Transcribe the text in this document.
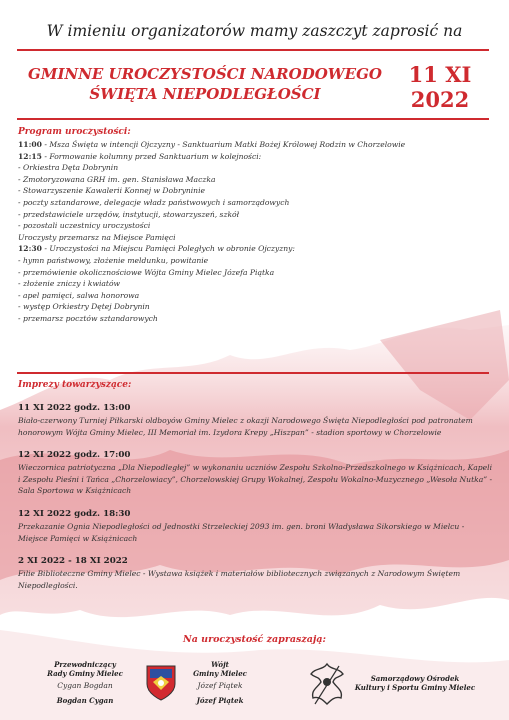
W imieniu organizatorów mamy zaszczyt zaprosić na
GMINNE UROCZYSTOŚCI NARODOWEGO
ŚWIĘTA NIEPODLEGŁOŚCI
11 XI
2022
Program uroczystości:
11:00 - Msza Święta w intencji Ojczyzny - Sanktuarium Matki Bożej Królowej Rodzin w Chorzelowie
12:15 - Formowanie kolumny przed Sanktuarium w kolejności:
- Orkiestra Dęta Dobrynin
- Zmotoryzowana GRH im. gen. Stanisława Maczka
- Stowarzyszenie Kawalerii Konnej w Dobryninie
- poczty sztandarowe, delegacje władz państwowych i samorządowych
- przedstawiciele urzędów, instytucji, stowarzyszeń, szkół
- pozostali uczestnicy uroczystości
Uroczysty przemarsz na Miejsce Pamięci
12:30 - Uroczystości na Miejscu Pamięci Poległych w obronie Ojczyzny:
- hymn państwowy, złożenie meldunku, powitanie
- przemówienie okolicznościowe Wójta Gminy Mielec Józefa Piątka
- złożenie zniczy i kwiatów
- apel pamięci, salwa honorowa
- występ Orkiestry Dętej Dobrynin
- przemarsz pocztów sztandarowych
Imprezy towarzyszące:
11 XI 2022 godz. 13:00
Biało-czerwony Turniej Piłkarski oldboyów Gminy Mielec z okazji Narodowego Święta Niepodległości pod patronatem honorowym Wójta Gminy Mielec, III Memoriał im. Izydora Krepy „Hiszpan” - stadion sportowy w Chorzelowie
12 XI 2022 godz. 17:00
Wieczornica patriotyczna „Dla Niepodległej” w wykonaniu uczniów Zespołu Szkolno-Przedszkolnego w Książnicach, Kapeli i Zespołu Pieśni i Tańca „Chorzelowiacy”, Chorzelowskiej Grupy Wokalnej, Zespołu Wokalno-Muzycznego „Wesoła Nutka” - Sala Sportowa w Książnicach
12 XI 2022 godz. 18:30
Przekazanie Ognia Niepodległości od Jednostki Strzeleckiej 2093 im. gen. broni Władysława Sikorskiego w Mielcu - Miejsce Pamięci w Książnicach
2 XI 2022 - 18 XI 2022
Filie Biblioteczne Gminy Mielec - Wystawa książek i materiałów bibliotecznych związanych z Narodowym Świętem Niepodległości.
Na uroczystość zapraszają:
Przewodniczący
Rady Gminy Mielec
Cygan Bogdan
Bogdan Cygan
Wójt
Gminy Mielec
Józef Piątek
Józef Piątek
Samorządowy Ośrodek
Kultury i Sportu Gminy Mielec
